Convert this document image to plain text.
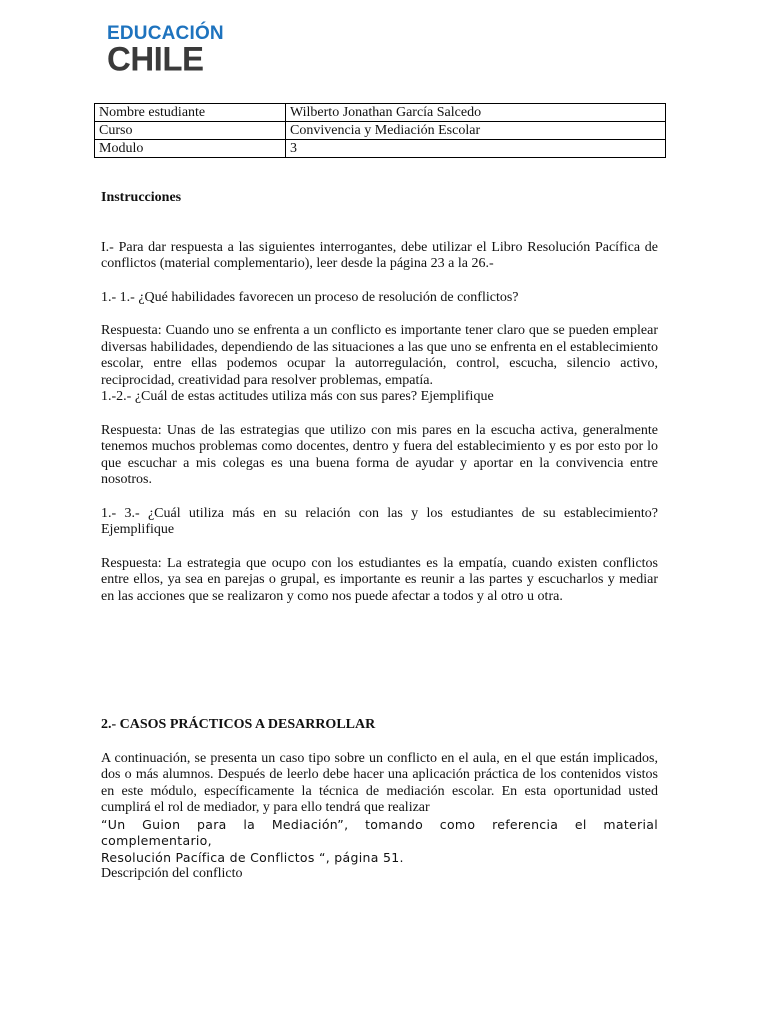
EDUCACIÓN
CHILE
Nombre estudiante	Wilberto Jonathan García Salcedo
Curso	Convivencia y Mediación Escolar
Modulo	3

Instrucciones

I.- Para dar respuesta a las siguientes interrogantes, debe utilizar el Libro Resolución Pacífica de conflictos (material complementario), leer desde la página 23 a la 26.-

1.- 1.- ¿Qué habilidades favorecen un proceso de resolución de conflictos?

Respuesta: Cuando uno se enfrenta a un conflicto es importante tener claro que se pueden emplear diversas habilidades, dependiendo de las situaciones a las que uno se enfrenta en el establecimiento escolar, entre ellas podemos ocupar la autorregulación, control, escucha, silencio activo, reciprocidad, creatividad para resolver problemas, empatía.

1.-2.- ¿Cuál de estas actitudes utiliza más con sus pares? Ejemplifique

Respuesta: Unas de las estrategias que utilizo con mis pares en la escucha activa, generalmente tenemos muchos problemas como docentes, dentro y fuera del establecimiento y es por esto por lo que escuchar a mis colegas es una buena forma de ayudar y aportar en la convivencia entre nosotros.

1.- 3.- ¿Cuál utiliza más en su relación con las y los estudiantes de su establecimiento? Ejemplifique

Respuesta: La estrategia que ocupo con los estudiantes es la empatía, cuando existen conflictos entre ellos, ya sea en parejas o grupal, es importante es reunir a las partes y escucharlos y mediar en las acciones que se realizaron y como nos puede afectar a todos y al otro u otra.

2.- CASOS PRÁCTICOS A DESARROLLAR

A continuación, se presenta un caso tipo sobre un conflicto en el aula, en el que están implicados, dos o más alumnos. Después de leerlo debe hacer una aplicación práctica de los contenidos vistos en este módulo, específicamente la técnica de mediación escolar. En esta oportunidad usted cumplirá el rol de mediador, y para ello tendrá que realizar

“Un Guion para la Mediación”, tomando como referencia el material complementario,

Resolución Pacífica de Conflictos “, página 51.

Descripción del conflicto
